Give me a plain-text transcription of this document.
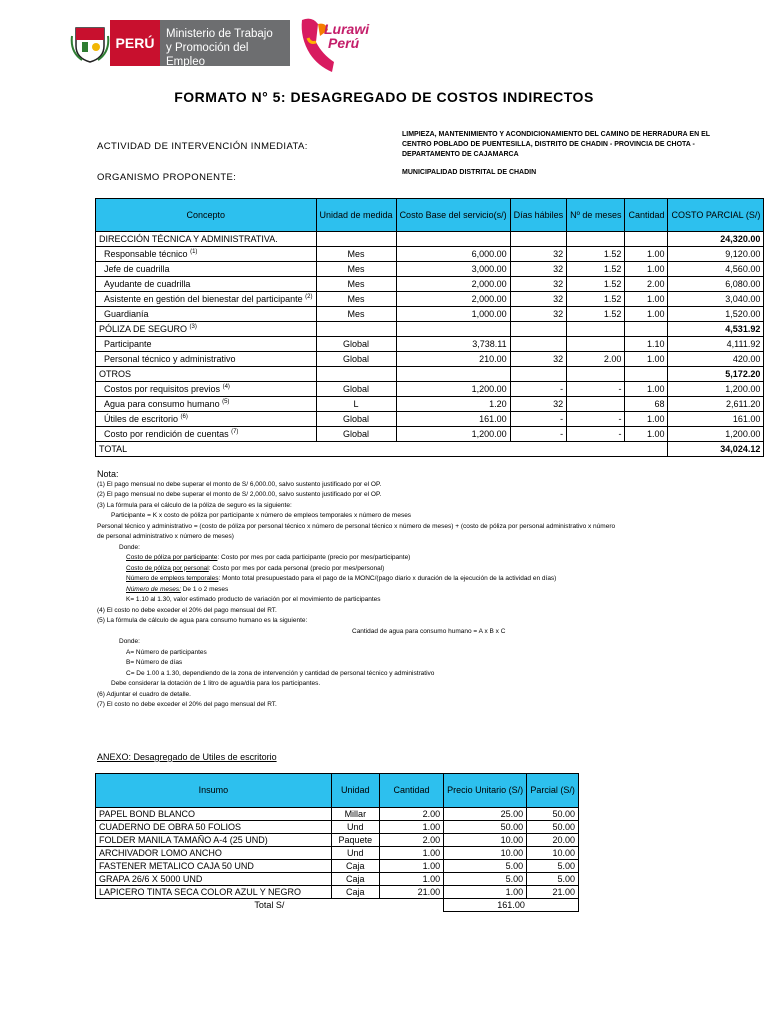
PERÚ
Ministerio de Trabajo
y Promoción del Empleo
Lurawi
Perú
FORMATO N° 5: DESAGREGADO DE COSTOS INDIRECTOS
ACTIVIDAD DE INTERVENCIÓN INMEDIATA:
LIMPIEZA, MANTENIMIENTO Y ACONDICIONAMIENTO DEL CAMINO DE HERRADURA EN EL CENTRO POBLADO DE PUENTESILLA, DISTRITO DE CHADIN - PROVINCIA DE CHOTA - DEPARTAMENTO DE CAJAMARCA
ORGANISMO PROPONENTE:	MUNICIPALIDAD DISTRITAL DE CHADIN
Concepto	Unidad de medida	Costo Base del servicio(s/)	Días hábiles	Nº de meses	Cantidad	COSTO PARCIAL (S/)
DIRECCIÓN TÉCNICA Y ADMINISTRATIVA.						24,320.00
Responsable técnico $^{(1)}$	Mes	6,000.00	32	1.52	1.00	9,120.00
Jefe de cuadrilla	Mes	3,000.00	32	1.52	1.00	4,560.00
Ayudante de cuadrilla	Mes	2,000.00	32	1.52	2.00	6,080.00
Asistente en gestión del bienestar del participante $^{(2)}$	Mes	2,000.00	32	1.52	1.00	3,040.00
Guardianía	Mes	1,000.00	32	1.52	1.00	1,520.00
PÓLIZA DE SEGURO $^{(3)}$						4,531.92
Participante	Global	3,738.11			1.10	4,111.92
Personal técnico y administrativo	Global	210.00	32	2.00	1.00	420.00
OTROS						5,172.20
Costos por requisitos previos $^{(4)}$	Global	1,200.00	-	-	1.00	1,200.00
Agua para consumo humano $^{(5)}$	L	1.20	32		68	2,611.20
Útiles de escritorio $^{(6)}$	Global	161.00	-	-	1.00	161.00
Costo por rendición de cuentas $^{(7)}$	Global	1,200.00	-	-	1.00	1,200.00
TOTAL						34,024.12
Nota:
(1) El pago mensual no debe superar el monto de S/ 6,000.00, salvo sustento justificado por el OP.
(2) El pago mensual no debe superar el monto de S/ 2,000.00, salvo sustento justificado por el OP.
(3) La fórmula para el cálculo de la póliza de seguro es la siguiente:
Participante = K x costo de póliza por participante x número de empleos temporales x número de meses
Personal técnico y administrativo = (costo de póliza por personal técnico x número de personal técnico x número de meses) + (costo de póliza por personal administrativo x número
de personal administrativo x número de meses)
Donde:
Costo de póliza por participante: Costo por mes por cada participante (precio por mes/participante)
Costo de póliza por personal: Costo por mes por cada personal (precio por mes/personal)
Número de empleos temporales: Monto total presupuestado para el pago de la MONC/(pago diario x duración de la ejecución de la actividad en días)
Número de meses: De 1 o 2 meses
K= 1.10 al 1.30, valor estimado producto de variación por el movimiento de participantes
(4) El costo no debe exceder el 20% del pago mensual del RT.
(5) La fórmula de cálculo de agua para consumo humano es la siguiente:
Cantidad de agua para consumo humano = A x B x C
Donde:
A= Número de participantes
B= Número de días
C= De 1.00 a 1.30, dependiendo de la zona de intervención y cantidad de personal técnico y administrativo
Debe considerar la dotación de 1 litro de agua/día para los participantes.
(6) Adjuntar el cuadro de detalle.
(7) El costo no debe exceder el 20% del pago mensual del RT.
ANEXO: Desagregado de Utiles de escritorio
Insumo	Unidad	Cantidad	Precio Unitario (S/)	Parcial (S/)
PAPEL BOND BLANCO	Millar	2.00	25.00	50.00
CUADERNO DE OBRA 50 FOLIOS	Und	1.00	50.00	50.00
FOLDER MANILA TAMAÑO A-4 (25 UND)	Paquete	2.00	10.00	20.00
ARCHIVADOR LOMO ANCHO	Und	1.00	10.00	10.00
FASTENER METALICO CAJA 50 UND	Caja	1.00	5.00	5.00
GRAPA 26/6 X 5000 UND	Caja	1.00	5.00	5.00
LAPICERO TINTA SECA COLOR AZUL Y NEGRO	Caja	21.00	1.00	21.00
Total S/			161.00	
